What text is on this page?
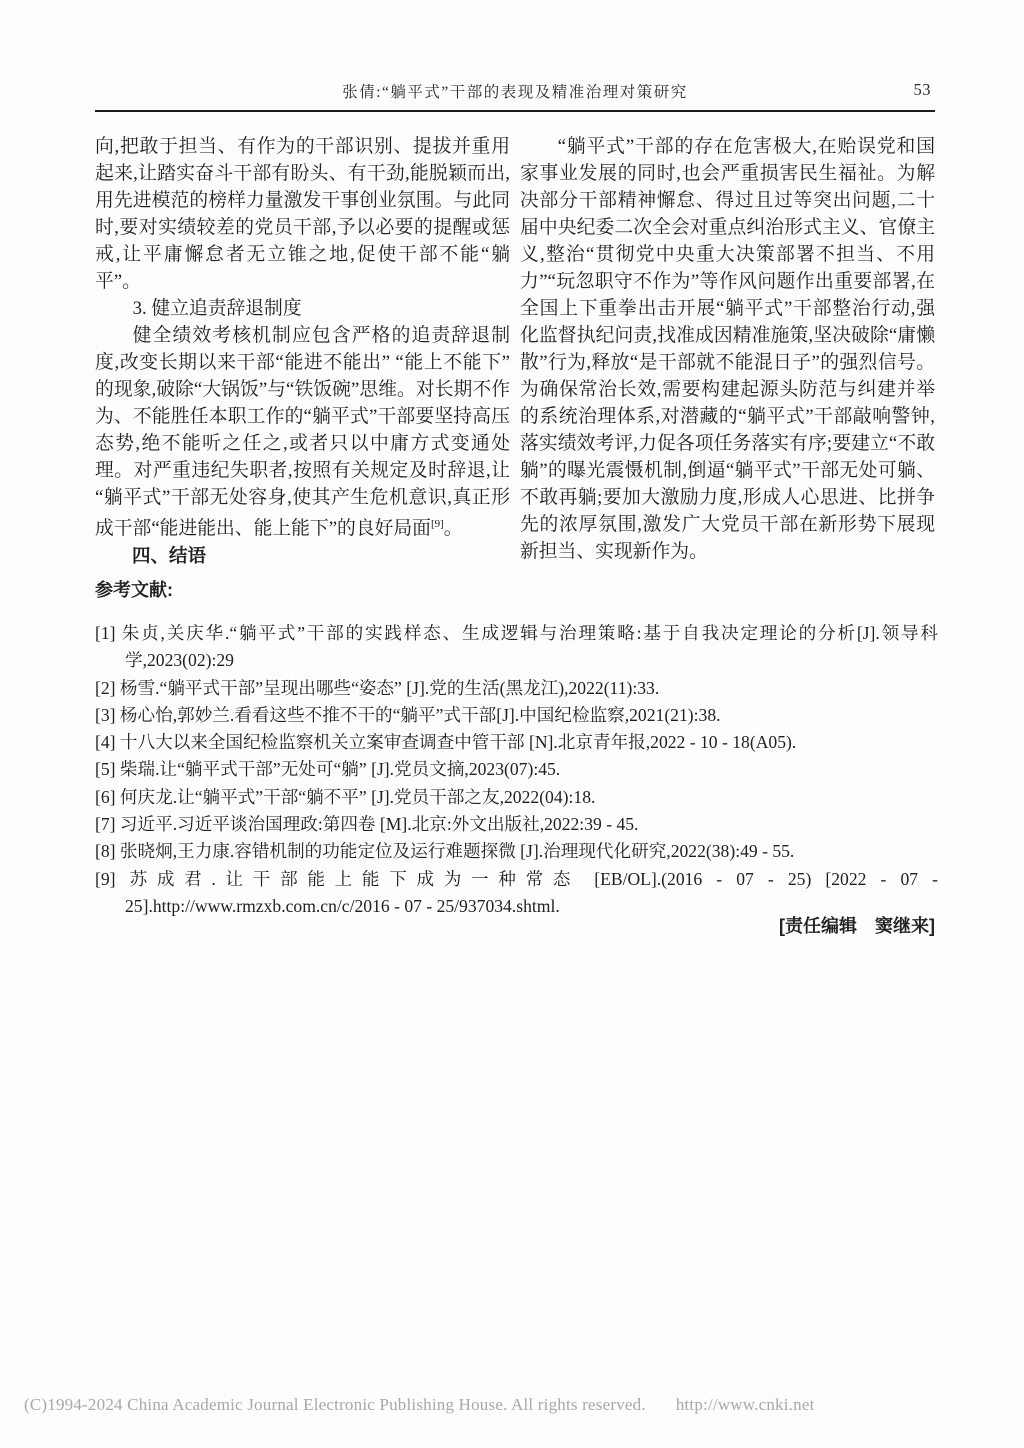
张倩:“躺平式”干部的表现及精准治理对策研究	53

向,把敢于担当、有作为的干部识别、提拔并重用起来,让踏实奋斗干部有盼头、有干劲,能脱颖而出,用先进模范的榜样力量激发干事创业氛围。与此同时,要对实绩较差的党员干部,予以必要的提醒或惩戒,让平庸懈怠者无立锥之地,促使干部不能“躺平”。

3. 健立追责辞退制度

健全绩效考核机制应包含严格的追责辞退制度,改变长期以来干部“能进不能出” “能上不能下”的现象,破除“大锅饭”与“铁饭碗”思维。对长期不作为、不能胜任本职工作的“躺平式”干部要坚持高压态势,绝不能听之任之,或者只以中庸方式变通处理。对严重违纪失职者,按照有关规定及时辞退,让“躺平式”干部无处容身,使其产生危机意识,真正形成干部“能进能出、能上能下”的良好局面[9]。

四、结语

“躺平式”干部的存在危害极大,在贻误党和国家事业发展的同时,也会严重损害民生福祉。为解决部分干部精神懈怠、得过且过等突出问题,二十届中央纪委二次全会对重点纠治形式主义、官僚主义,整治“贯彻党中央重大决策部署不担当、不用力”“玩忽职守不作为”等作风问题作出重要部署,在全国上下重拳出击开展“躺平式”干部整治行动,强化监督执纪问责,找准成因精准施策,坚决破除“庸懒散”行为,释放“是干部就不能混日子”的强烈信号。为确保常治长效,需要构建起源头防范与纠建并举的系统治理体系,对潜藏的“躺平式”干部敲响警钟,落实绩效考评,力促各项任务落实有序;要建立“不敢躺”的曝光震慑机制,倒逼“躺平式”干部无处可躺、不敢再躺;要加大激励力度,形成人心思进、比拼争先的浓厚氛围,激发广大党员干部在新形势下展现新担当、实现新作为。

参考文献:
[1] 朱贞,关庆华.“躺平式”干部的实践样态、生成逻辑与治理策略:基于自我决定理论的分析[J].领导科学,2023(02):29
[2] 杨雪.“躺平式干部”呈现出哪些“姿态” [J].党的生活(黑龙江),2022(11):33.
[3] 杨心怡,郭妙兰.看看这些不推不干的“躺平”式干部[J].中国纪检监察,2021(21):38.
[4] 十八大以来全国纪检监察机关立案审查调查中管干部 [N].北京青年报,2022 - 10 - 18(A05).
[5] 柴瑞.让“躺平式干部”无处可“躺” [J].党员文摘,2023(07):45.
[6] 何庆龙.让“躺平式”干部“躺不平” [J].党员干部之友,2022(04):18.
[7] 习近平.习近平谈治国理政:第四卷 [M].北京:外文出版社,2022:39 - 45.
[8] 张晓炯,王力康.容错机制的功能定位及运行难题探微 [J].治理现代化研究,2022(38):49 - 55.
[9] 苏成君.让干部能上能下成为一种常态 [EB/OL].(2016 - 07 - 25) [2022 - 07 - 25].http://www.rmzxb.com.cn/c/2016 - 07 - 25/937034.shtml.
[责任编辑　窦继来]
(C)1994-2024 China Academic Journal Electronic Publishing House. All rights reserved. http://www.cnki.net
